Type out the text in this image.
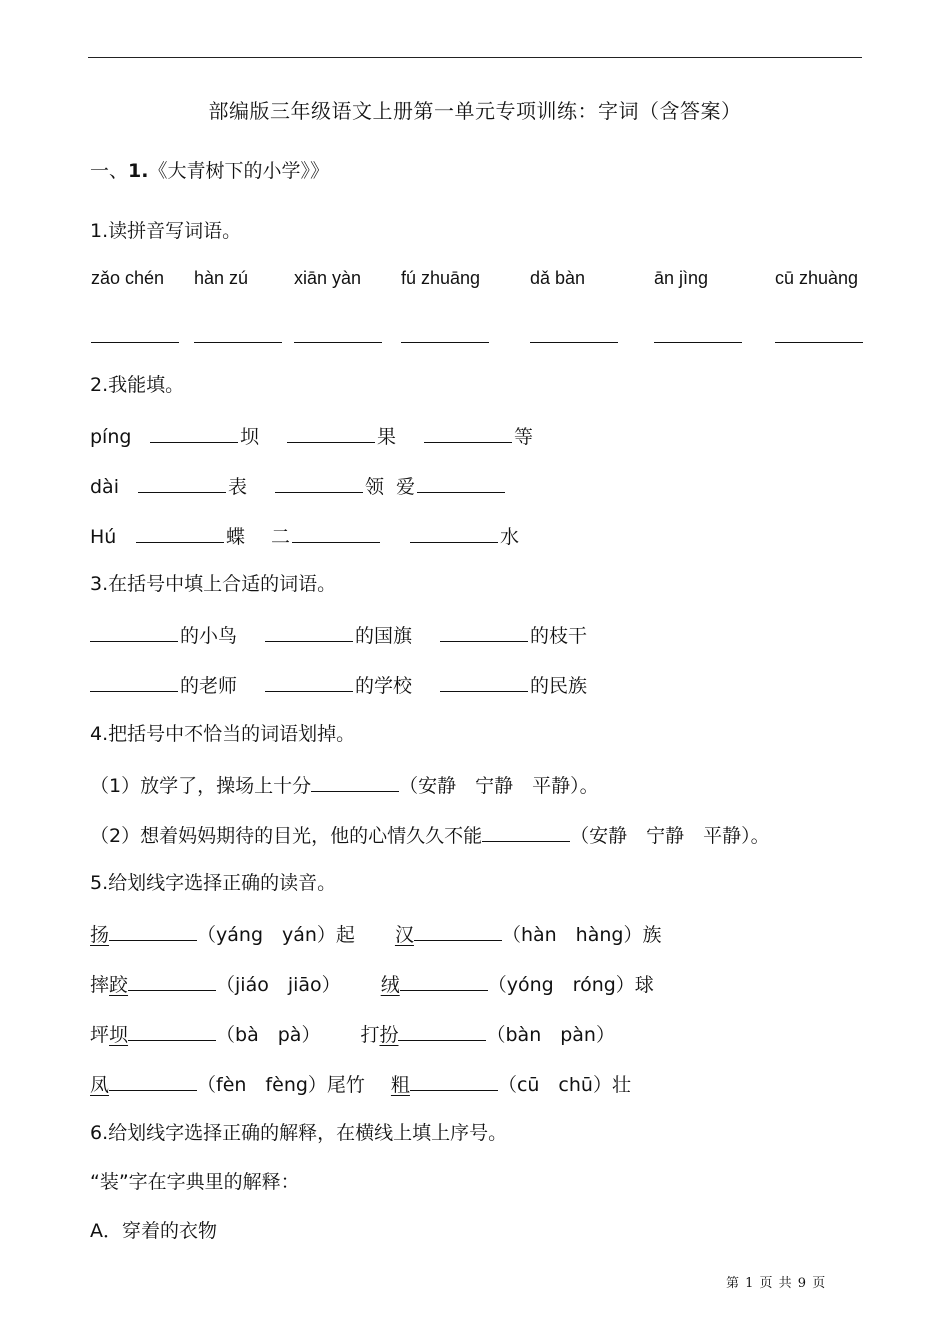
部编版三年级语文上册第一单元专项训练：字词（含答案）
一、1.《大青树下的小学》》
1.读拼音写词语。
zǎo chén hàn zú	xiān yàn fú zhuāng	dǎ bàn	ān jìng	cū zhuàng
2.我能填。
píng	坝	果	等
dài	表	领 爱
Hú	蝶 二	水
3.在括号中填上合适的词语。
的小鸟	的国旗	的枝干
的老师	的学校	的民族
4.把括号中不恰当的词语划掉。
（1）放学了，操场上十分	（安静　宁静　平静）。
（2）想着妈妈期待的目光，他的心情久久不能	（安静　宁静　平静）。
5.给划线字选择正确的读音。
扬	（yáng　yán）起 汉	（hàn　hàng）族
摔跤	（jiáo　jiāo） 绒	（yóng　róng）球
坪坝	（bà　pà） 打扮	（bàn　pàn）
凤	（fèn　fèng）尾竹 粗	（cū　chū）壮
6.给划线字选择正确的解释，在横线上填上序号。
“装”字在字典里的解释：
A．穿着的衣物
第 1 页 共 9 页
